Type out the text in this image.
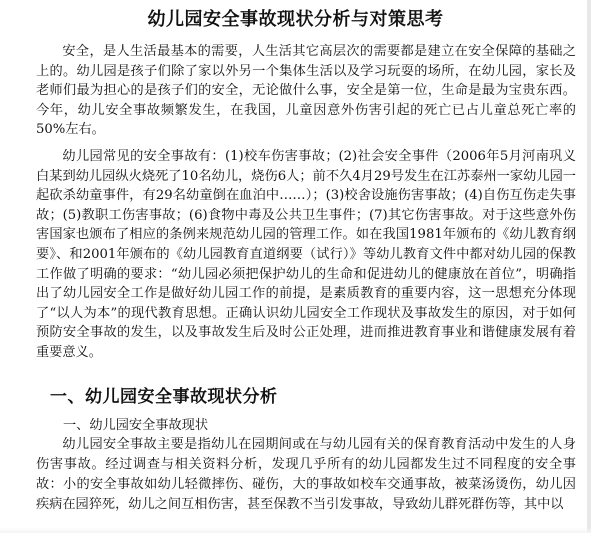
幼儿园安全事故现状分析与对策思考

安全，是人生活最基本的需要，人生活其它高层次的需要都是建立在安全保障的基础之上的。幼儿园是孩子们除了家以外另一个集体生活以及学习玩耍的场所，在幼儿园，家长及老师们最为担心的是孩子们的安全，无论做什么事，安全是第一位，生命是最为宝贵东西。今年，幼儿安全事故频繁发生，在我国，儿童因意外伤害引起的死亡已占儿童总死亡率的50%左右。

幼儿园常见的安全事故有：(1)校车伤害事故；(2)社会安全事件（2006年5月河南巩义白某到幼儿园纵火烧死了10名幼儿，烧伤6人；前不久4月29号发生在江苏泰州一家幼儿园一起砍杀幼童事件，有29名幼童倒在血泊中……）；(3)校舍设施伤害事故；(4)自伤互伤走失事故；(5)教职工伤害事故；(6)食物中毒及公共卫生事件；(7)其它伤害事故。对于这些意外伤害国家也颁布了相应的条例来规范幼儿园的管理工作。如在我国1981年颁布的《幼儿教育纲要》、和2001年颁布的《幼儿园教育直道纲要（试行）》等幼儿教育文件中都对幼儿园的保教工作做了明确的要求：“幼儿园必须把保护幼儿的生命和促进幼儿的健康放在首位”，明确指出了幼儿园安全工作是做好幼儿园工作的前提，是素质教育的重要内容，这一思想充分体现了“以人为本”的现代教育思想。正确认识幼儿园安全工作现状及事故发生的原因，对于如何预防安全事故的发生，以及事故发生后及时公正处理，进而推进教育事业和谐健康发展有着重要意义。

一、幼儿园安全事故现状分析

一、幼儿园安全事故现状

幼儿园安全事故主要是指幼儿在园期间或在与幼儿园有关的保育教育活动中发生的人身伤害事故。经过调查与相关资料分析，发现几乎所有的幼儿园都发生过不同程度的安全事故：小的安全事故如幼儿轻微摔伤、碰伤，大的事故如校车交通事故，被菜汤烫伤，幼儿因疾病在园猝死，幼儿之间互相伤害，甚至保教不当引发事故，导致幼儿群死群伤等，其中以
